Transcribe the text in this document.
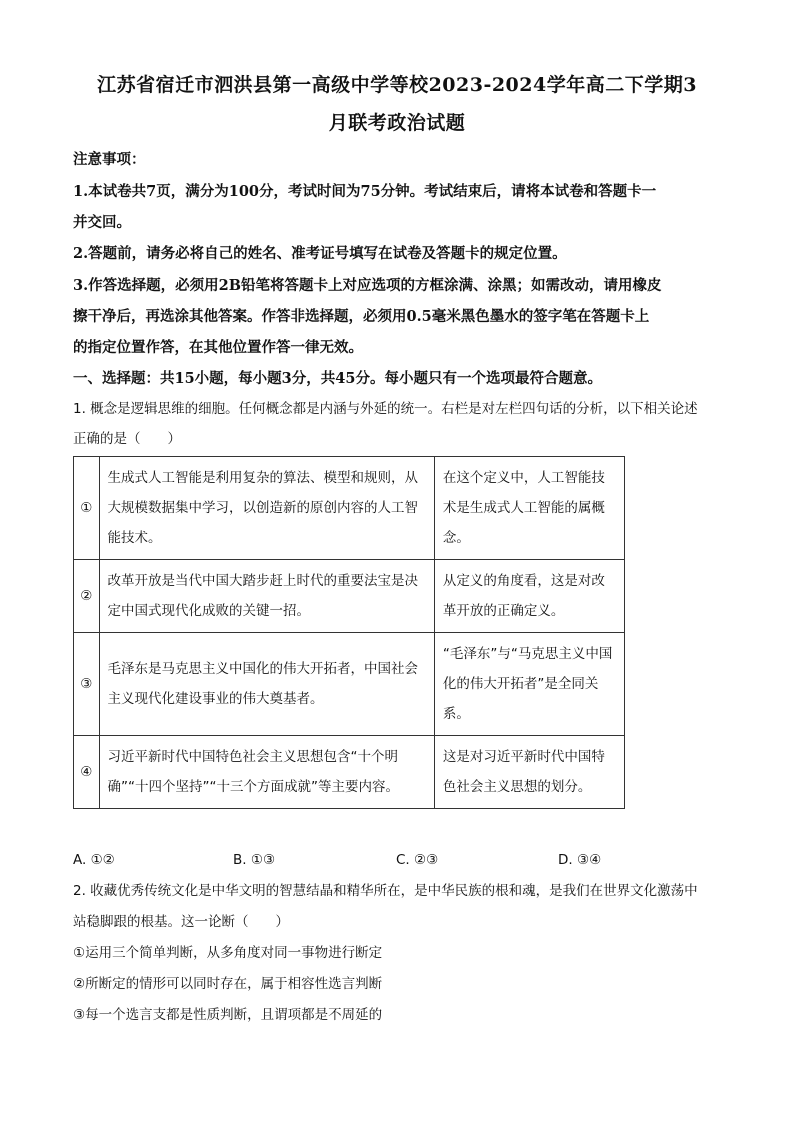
江苏省宿迁市泗洪县第一高级中学等校2023-2024学年高二下学期3
月联考政治试题
注意事项：
1.本试卷共7页，满分为100分，考试时间为75分钟。考试结束后，请将本试卷和答题卡一
并交回。
2.答题前，请务必将自己的姓名、准考证号填写在试卷及答题卡的规定位置。
3.作答选择题，必须用2B铅笔将答题卡上对应选项的方框涂满、涂黑；如需改动，请用橡皮
擦干净后，再选涂其他答案。作答非选择题，必须用0.5毫米黑色墨水的签字笔在答题卡上
的指定位置作答，在其他位置作答一律无效。
一、选择题：共15小题，每小题3分，共45分。每小题只有一个选项最符合题意。
1. 概念是逻辑思维的细胞。任何概念都是内涵与外延的统一。右栏是对左栏四句话的分析，以下相关论述
正确的是（　　）
①	生成式人工智能是利用复杂的算法、模型和规则，从大规模数据集中学习，以创造新的原创内容的人工智能技术。	在这个定义中，人工智能技术是生成式人工智能的属概念。
②	改革开放是当代中国大踏步赶上时代的重要法宝是决定中国式现代化成败的关键一招。	从定义的角度看，这是对改革开放的正确定义。
③	毛泽东是马克思主义中国化的伟大开拓者，中国社会主义现代化建设事业的伟大奠基者。	“毛泽东”与“马克思主义中国化的伟大开拓者”是全同关系。
④	习近平新时代中国特色社会主义思想包含“十个明确”“十四个坚持”“十三个方面成就”等主要内容。	这是对习近平新时代中国特色社会主义思想的划分。
A. ①②	B. ①③	C. ②③	D. ③④
2. 收藏优秀传统文化是中华文明的智慧结晶和精华所在，是中华民族的根和魂，是我们在世界文化激荡中
站稳脚跟的根基。这一论断（　　）
①运用三个简单判断，从多角度对同一事物进行断定
②所断定的情形可以同时存在，属于相容性选言判断
③每一个选言支都是性质判断，且谓项都是不周延的
